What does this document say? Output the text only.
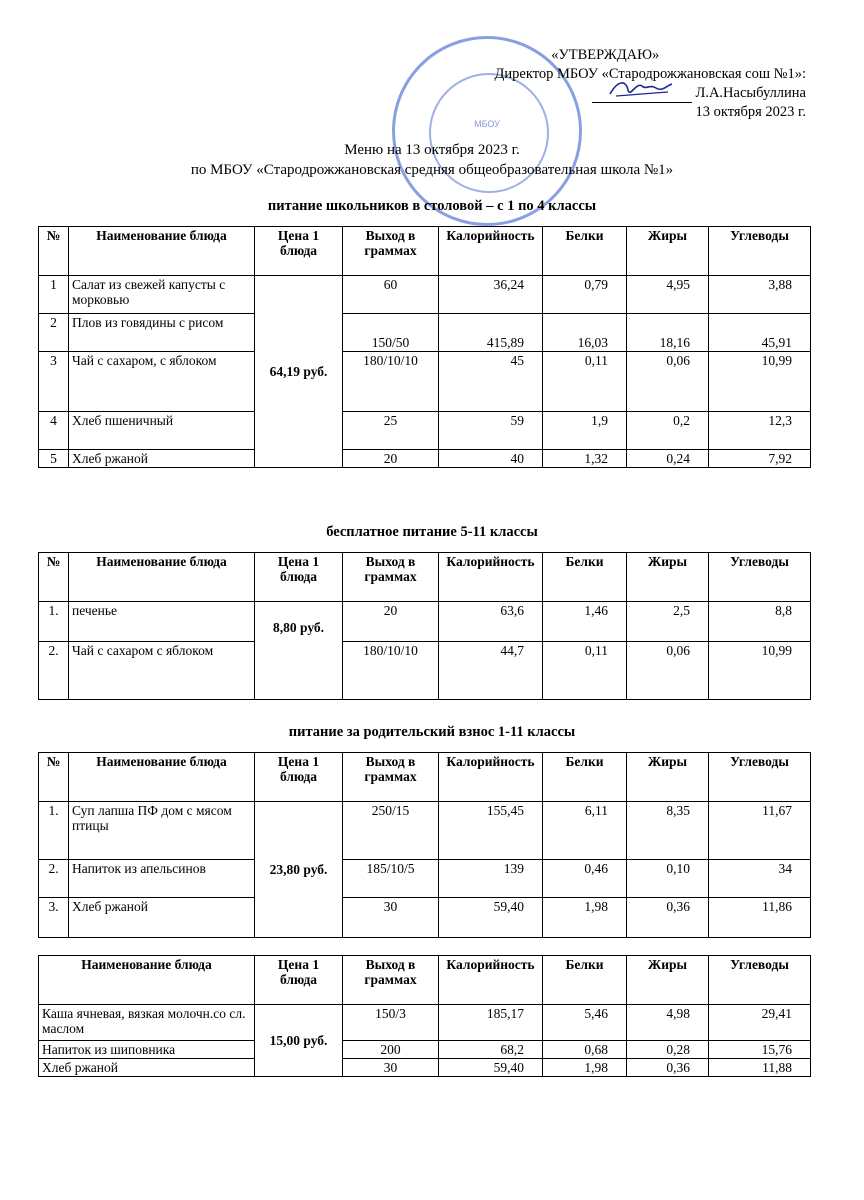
МБОУ
«УТВЕРЖДАЮ»
Директор МБОУ «Стародрожжановская сош №1»:
Л.А.Насыбуллина
13 октября 2023 г.
Меню на 13 октября 2023 г.
по МБОУ «Стародрожжановская средняя общеобразовательная школа №1»
питание школьников в столовой – с 1 по 4 классы
№	Наименование блюда	Цена 1 блюда	Выход в граммах	Калорийность	Белки	Жиры	Углеводы
1	Салат из свежей капусты с морковью	64,19 руб.	60	36,24	0,79	4,95	3,88
2	Плов из говядины с рисом		150/50	415,89	16,03	18,16	45,91
3	Чай с сахаром, с яблоком		180/10/10	45	0,11	0,06	10,99
4	Хлеб пшеничный		25	59	1,9	0,2	12,3
5	Хлеб ржаной		20	40	1,32	0,24	7,92
бесплатное питание 5-11 классы
№	Наименование блюда	Цена 1 блюда	Выход в граммах	Калорийность	Белки	Жиры	Углеводы
1.	печенье	8,80 руб.	20	63,6	1,46	2,5	8,8
2.	Чай с сахаром с яблоком		180/10/10	44,7	0,11	0,06	10,99
питание за родительский взнос 1-11 классы
№	Наименование блюда	Цена 1 блюда	Выход в граммах	Калорийность	Белки	Жиры	Углеводы
1.	Суп лапша ПФ дом с мясом птицы	23,80 руб.	250/15	155,45	6,11	8,35	11,67
2.	Напиток из апельсинов		185/10/5	139	0,46	0,10	34
3.	Хлеб ржаной		30	59,40	1,98	0,36	11,86
Наименование блюда	Цена 1 блюда	Выход в граммах	Калорийность	Белки	Жиры	Углеводы
Каша ячневая, вязкая молочн.со сл. маслом	15,00 руб.	150/3	185,17	5,46	4,98	29,41
Напиток из шиповника		200	68,2	0,68	0,28	15,76
Хлеб ржаной		30	59,40	1,98	0,36	11,88
